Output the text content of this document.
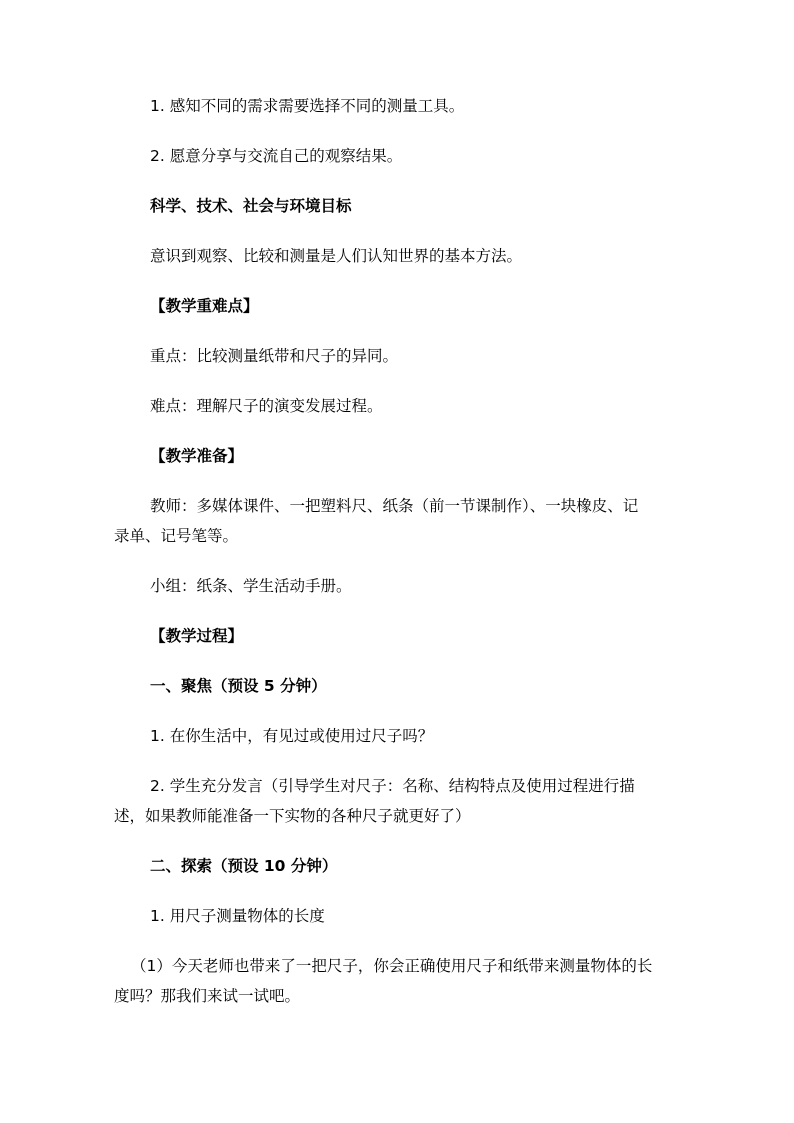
1. 感知不同的需求需要选择不同的测量工具。

2. 愿意分享与交流自己的观察结果。

科学、技术、社会与环境目标

意识到观察、比较和测量是人们认知世界的基本方法。

【教学重难点】

重点：比较测量纸带和尺子的异同。

难点：理解尺子的演变发展过程。

【教学准备】

教师：多媒体课件、一把塑料尺、纸条（前一节课制作）、一块橡皮、记
录单、记号笔等。

小组：纸条、学生活动手册。

【教学过程】

一、聚焦（预设 5 分钟）

1. 在你生活中，有见过或使用过尺子吗？

2. 学生充分发言（引导学生对尺子：名称、结构特点及使用过程进行描
述，如果教师能准备一下实物的各种尺子就更好了）

二、探索（预设 10 分钟）

1. 用尺子测量物体的长度

（1）今天老师也带来了一把尺子，你会正确使用尺子和纸带来测量物体的长
度吗？那我们来试一试吧。
